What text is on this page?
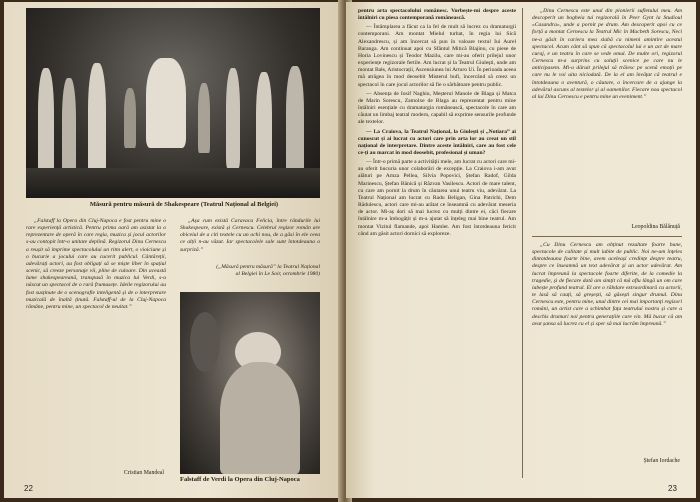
Măsură pentru măsură de Shakespeare (Teatrul Național al Belgiei)

„Falstaff la Opera din Cluj-Napoca e fost pentru mine o rare experiență artistică. Pentru prima oară am asistat la o reprezentare de operă în care regia, muzica și jocul actorilor s-au contopit într-o unitate deplină. Regizorul Dinu Cernescu a reușit să imprime spectacolului un ritm alert, o vioiciune și o bucurie a jocului care au cucerit publicul. Cântăreții, adevărați actori, au fost obligați să se miște liber în spațiul scenic, să creeze personaje vii, pline de culoare. Din această lume shakespeareană, transpusă în muzica lui Verdi, s-a născut un spectacol de o rară frumusețe. Ideile regizorului au fost susținute de o scenografie inteligentă și de o interpretare muzicală de înaltă ținută. Falstaff-ul de la Cluj-Napoca rămâne, pentru mine, un spectacol de neuitat.”

Cristian Mandeal

„Așa cum există Caravaca Felicia, între rândurile lui Shakespeare, există și Cernescu. Celebrul regizor român are obiceiul de a citi textele cu un ochi nou, de a găsi în ele ceea ce alții n-au văzut. Iar spectacolele sale sunt întotdeauna o surpriză.”

(„Măsură pentru măsură” la Teatrul Național al Belgiei în Le Soir, octombrie 1980)
Falstaff de Verdi la Opera din Cluj-Napoca
22

pentru arta spectacolului românesc. Vorbește-mi despre aceste întâlniri cu piesa contemporană românească.

— Întâmplarea a făcut ca la fel de mult să lucrez cu dramaturgii contemporani. Am montat Mielul turbat, în regia lui Sică Alexandrescu, și am încercat să pun în valoare textul Iui Aurel Baranga. Am continuat apoi cu Sfântul Mitică Blajinu, cu piese de Horia Lovinescu și Teodor Mazilu, care mi-au oferit prilejul unor experiențe regizorale fertile. Am lucrat și la Teatrul Giulești, unde am montat Bałs, Aristocrații, Ascensiunea lui Arturo Ui. În perioada aceea mă atrăgea în mod deosebit Misterul bufi, încercând să creez un spectacol în care jocul actorilor să fie o sărbătoare pentru public.

— Absența de Iosif Naghiu, Meșterul Manole de Blaga și Matca de Marin Sorescu, Zamolxe de Blaga au reprezentat pentru mine întâlniri esențiale cu dramaturgia românească, spectacole în care am căutat un limbaj teatral modern, capabil să exprime sensurile profunde ale textelor.

— La Craiova, la Teatrul Național, la Giulești și „Notiara” ai cunoscut și ai lucrat cu actori care prin arta lor au creat un stil național de interpretare. Dintre aceste întâlniri, care au fost cele ce-ți au marcat în mod deosebit, profesional și uman?

— Într-o primă parte a activității mele, am lucrat cu actori care mi-au oferit bucuria unor colaborări de excepție. La Craiova i-am avut alături pe Amza Pellea, Silvia Popovici, Ștefan Radof, Gilda Marinescu, Ștefan Bănică și Răzvan Vasilescu. Actori de mare talent, cu care am pornit la drum în căutarea unui teatru viu, adevărat. La Teatrul Național am lucrat cu Radu Beligan, Gina Patrichi, Dem Rădulescu, actori care mi-au arătat ce înseamnă cu adevărat meseria de actor. Mi-aș dori să mai lucrez cu mulți dintre ei, căci fiecare întâlnire m-a îmbogățit și m-a ajutat să înțeleg mai bine teatrul. Am montat Vizitul flamande, apoi Hamlet. Am fost întotdeauna fericit când am găsit actori dornici să exploreze.

„Dinu Cernescu este unul din pionierii sufletului meu. Am descoperit un bogheia tui regizorală în Peer Gynt la Studioul «Casandra», unde a pornit pe drum. Am descoperit apoi cu ce forță a montat Cernescu la Teatrul Mic în Macbeth Sorescu, Neci ne-a găsit în cariera mea slabă ca nimeni amintire acestui spectacol. Acum cânt să spun că spectacolul lui e un act de mare curaj, e un teatru în care se vede omul. De multe ori, regizorul Cernescu m-a surprins cu soluții scenice pe care nu le anticipasem. Mi-a dăruit prilejul să trăiesc pe scenă emoții pe care nu le voi uita niciodată. De la el am învățat că teatrul e întotdeauna o aventură, o căutare, o încercare de a ajunge la adevărul ascuns al textelor și al oamenilor. Fiecare nou spectacol al lui Dinu Cernescu e pentru mine un eveniment.”

Leopoldina Bălănuță

„Cu Dinu Cernescu am obținut rezultate foarte bune, spectacole de calitate și mult iubite de public. Noi ne-am înțeles dintotdeauna foarte bine, avem aceleași credințe despre teatru, despre ce înseamnă un text adevărat și un actor adevărat. Am lucrat împreună la spectacole foarte diferite, de la comedie la tragedie, și de fiecare dată am simțit că mă aflu lângă un om care iubește profund teatrul. El are o răbdare extraordinară cu actorii, te lasă să cauți, să greșești, să găsești singur drumul. Dinu Cernescu este, pentru mine, unul dintre cei mai importanți regizori români, un artist care a schimbat fața teatrului nostru și care a deschis drumuri noi pentru generațiile care vin. Mă bucur că am avut șansa să lucrez cu el și sper să mai lucrăm împreună.”

Ștefan Iordache
23
